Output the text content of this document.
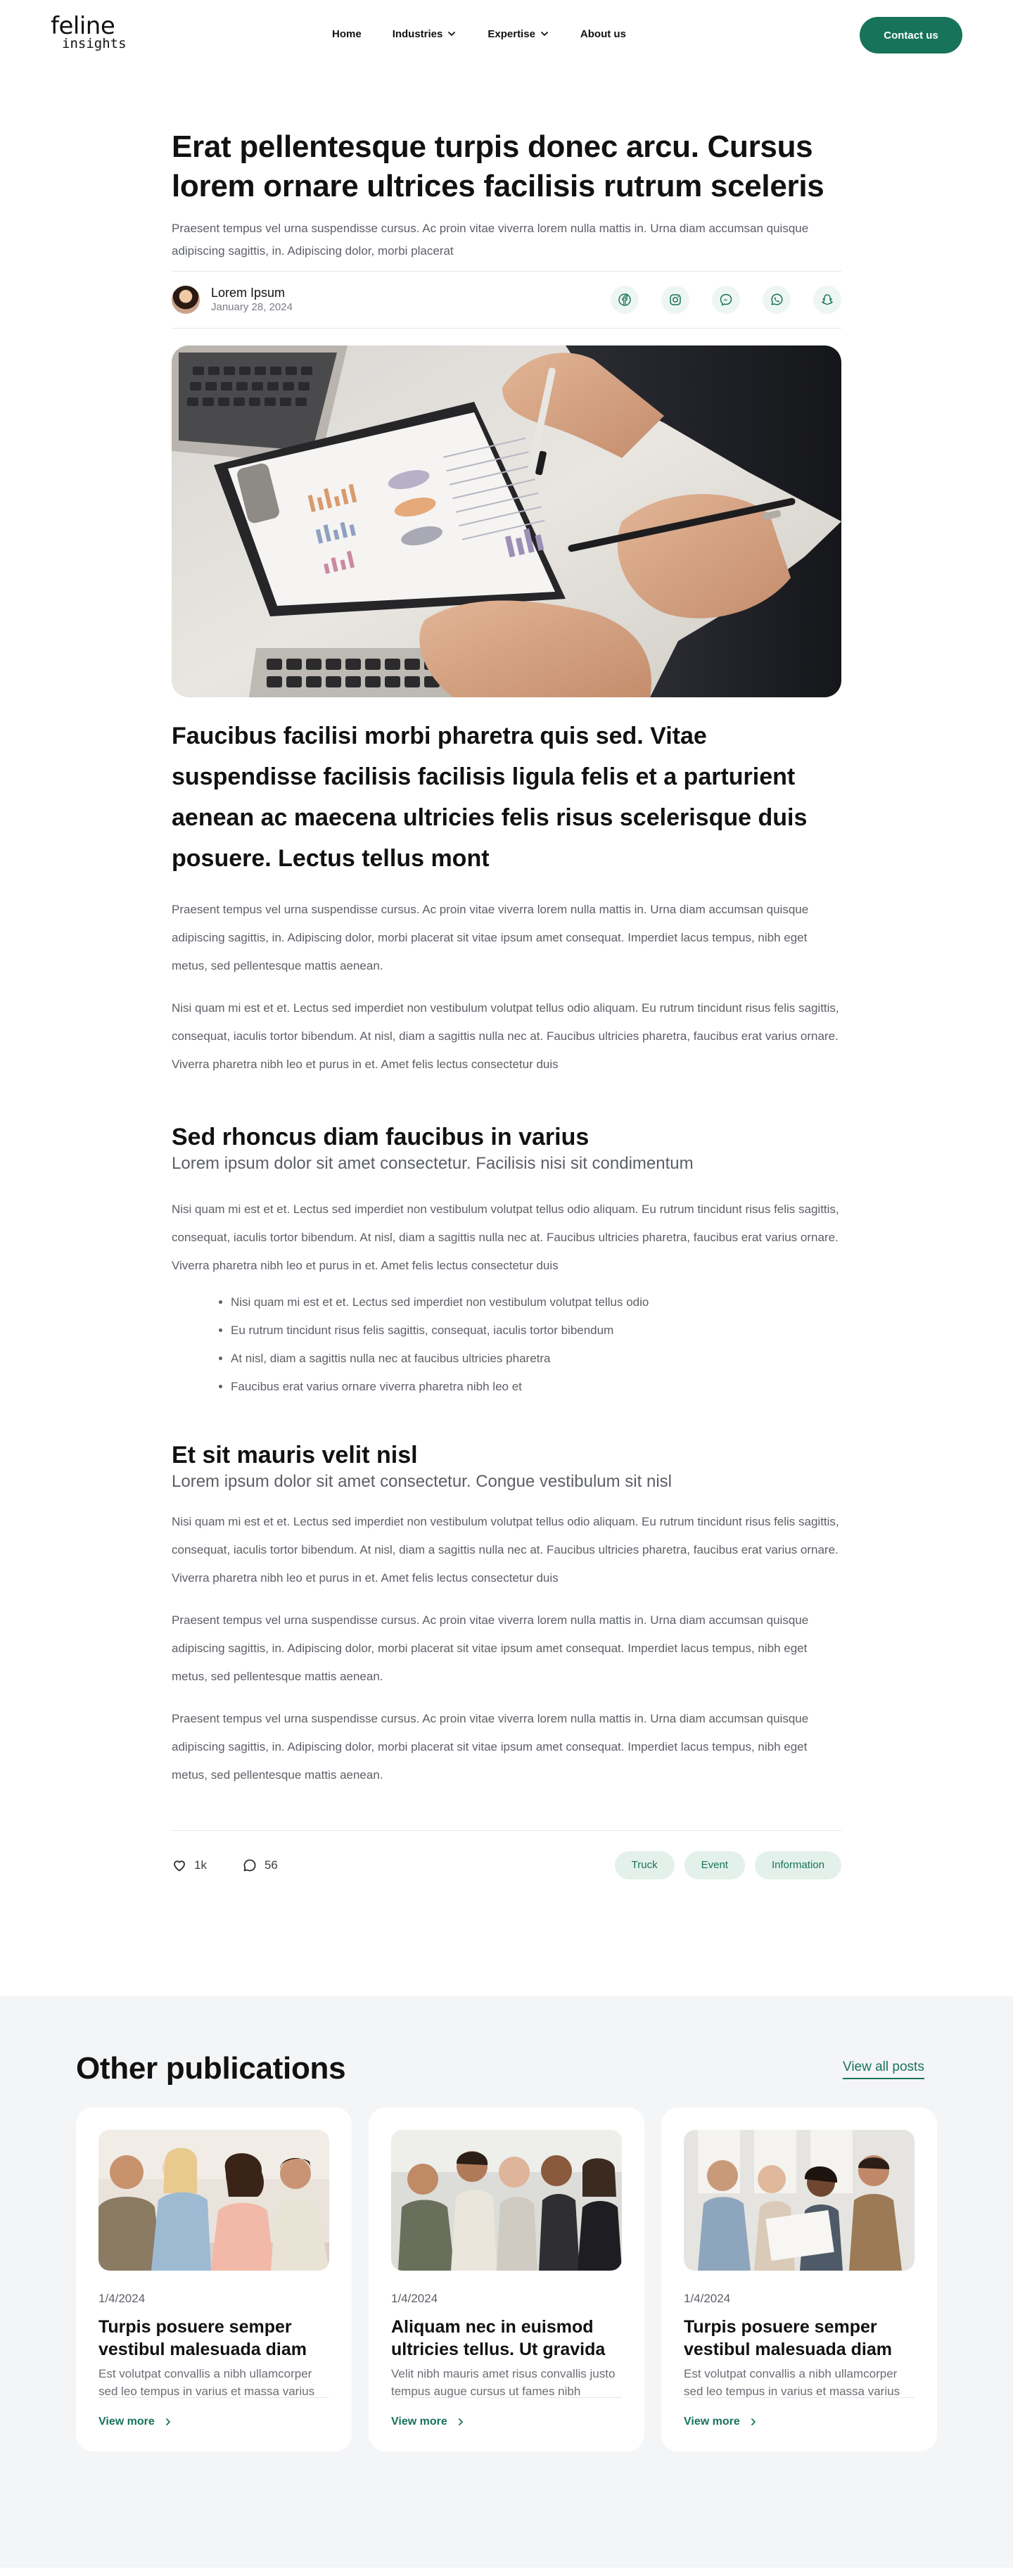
feline
insights
Home	Industries	Expertise	About us	Contact us
Erat pellentesque turpis donec arcu. Cursus lorem ornare ultrices facilisis rutrum sceleris

Praesent tempus vel urna suspendisse cursus. Ac proin vitae viverra lorem nulla mattis in. Urna diam accumsan quisque adipiscing sagittis, in. Adipiscing dolor, morbi placerat

Lorem Ipsum
January 28, 2024
Faucibus facilisi morbi pharetra quis sed. Vitae suspendisse facilisis facilisis ligula felis et a parturient aenean ac maecena ultricies felis risus scelerisque duis posuere. Lectus tellus mont

Praesent tempus vel urna suspendisse cursus. Ac proin vitae viverra lorem nulla mattis in. Urna diam accumsan quisque adipiscing sagittis, in. Adipiscing dolor, morbi placerat sit vitae ipsum amet consequat. Imperdiet lacus tempus, nibh eget metus, sed pellentesque mattis aenean.

Nisi quam mi est et et. Lectus sed imperdiet non vestibulum volutpat tellus odio aliquam. Eu rutrum tincidunt risus felis sagittis, consequat, iaculis tortor bibendum. At nisl, diam a sagittis nulla nec at. Faucibus ultricies pharetra, faucibus erat varius ornare. Viverra pharetra nibh leo et purus in et. Amet felis lectus consectetur duis

Sed rhoncus diam faucibus in varius

Lorem ipsum dolor sit amet consectetur. Facilisis nisi sit condimentum

Nisi quam mi est et et. Lectus sed imperdiet non vestibulum volutpat tellus odio aliquam. Eu rutrum tincidunt risus felis sagittis, consequat, iaculis tortor bibendum. At nisl, diam a sagittis nulla nec at. Faucibus ultricies pharetra, faucibus erat varius ornare. Viverra pharetra nibh leo et purus in et. Amet felis lectus consectetur duis

• Nisi quam mi est et et. Lectus sed imperdiet non vestibulum volutpat tellus odio
• Eu rutrum tincidunt risus felis sagittis, consequat, iaculis tortor bibendum
• At nisl, diam a sagittis nulla nec at faucibus ultricies pharetra
• Faucibus erat varius ornare viverra pharetra nibh leo et
Et sit mauris velit nisl

Lorem ipsum dolor sit amet consectetur. Congue vestibulum sit nisl

Nisi quam mi est et et. Lectus sed imperdiet non vestibulum volutpat tellus odio aliquam. Eu rutrum tincidunt risus felis sagittis, consequat, iaculis tortor bibendum. At nisl, diam a sagittis nulla nec at. Faucibus ultricies pharetra, faucibus erat varius ornare. Viverra pharetra nibh leo et purus in et. Amet felis lectus consectetur duis

Praesent tempus vel urna suspendisse cursus. Ac proin vitae viverra lorem nulla mattis in. Urna diam accumsan quisque adipiscing sagittis, in. Adipiscing dolor, morbi placerat sit vitae ipsum amet consequat. Imperdiet lacus tempus, nibh eget metus, sed pellentesque mattis aenean.

Praesent tempus vel urna suspendisse cursus. Ac proin vitae viverra lorem nulla mattis in. Urna diam accumsan quisque adipiscing sagittis, in. Adipiscing dolor, morbi placerat sit vitae ipsum amet consequat. Imperdiet lacus tempus, nibh eget metus, sed pellentesque mattis aenean.

1k	56	Truck	Event	Information
Other publications	View all posts
1/4/2024
Turpis posuere semper vestibul malesuada diam
Est volutpat convallis a nibh ullamcorper sed leo tempus in varius et massa varius
View more
1/4/2024
Aliquam nec in euismod ultricies tellus. Ut gravida
Velit nibh mauris amet risus convallis justo tempus augue cursus ut fames nibh
View more
1/4/2024
Turpis posuere semper vestibul malesuada diam
Est volutpat convallis a nibh ullamcorper sed leo tempus in varius et massa varius
View more
